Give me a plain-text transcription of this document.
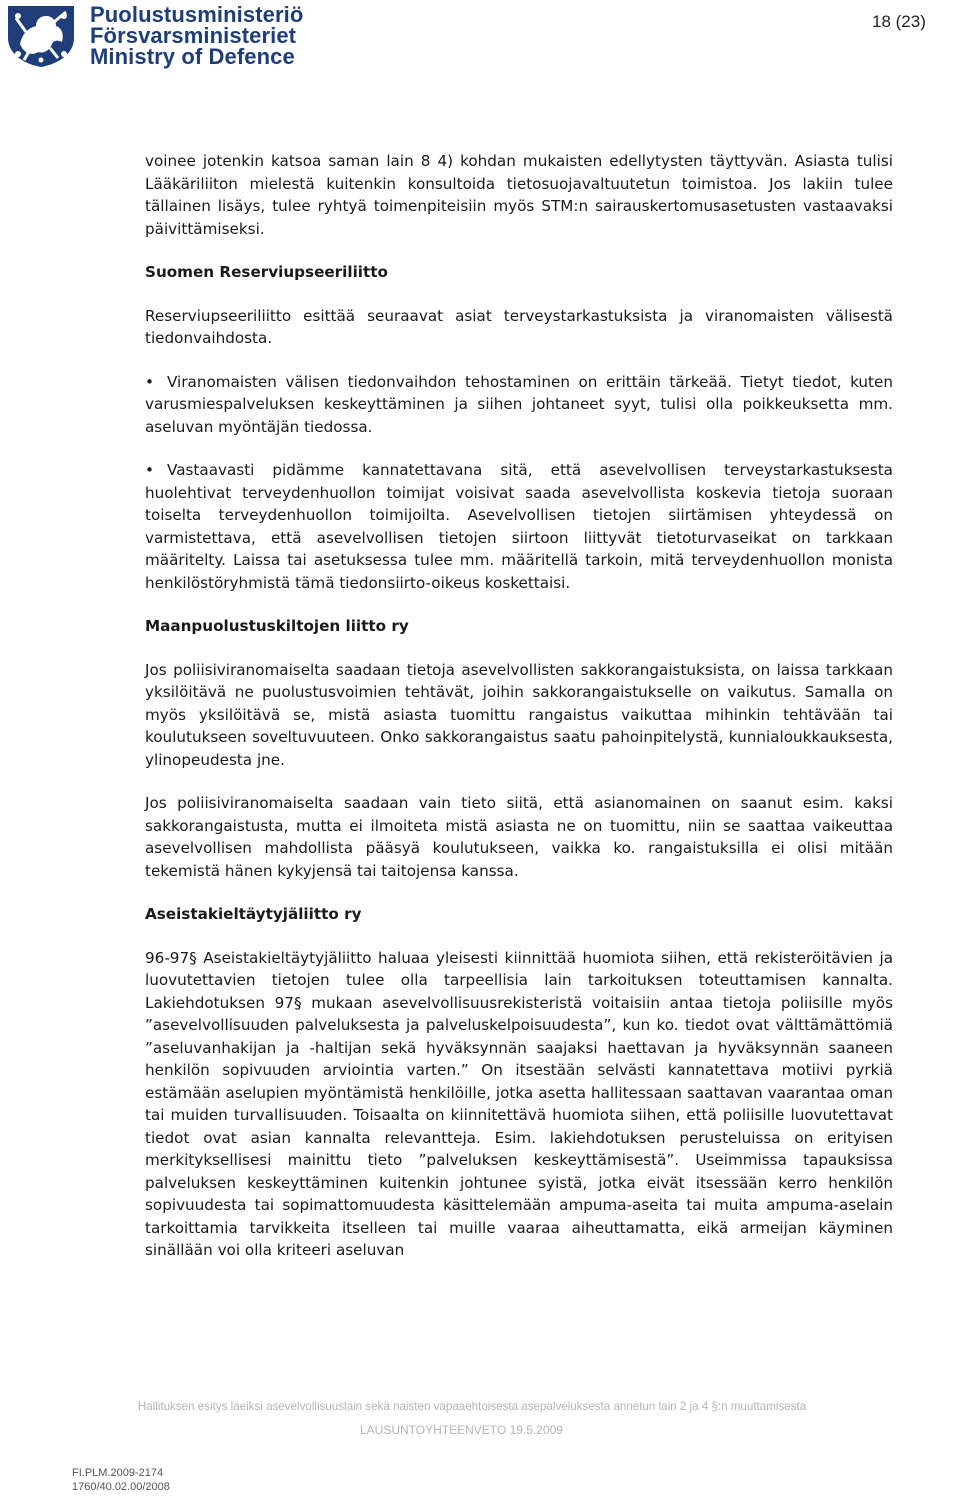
Puolustusministeriö
Försvarsministeriet
Ministry of Defence
18 (23)

voinee jotenkin katsoa saman lain 8 4) kohdan mukaisten edellytysten täyttyvän. Asiasta tulisi Lääkäriliiton mielestä kuitenkin konsultoida tietosuojavaltuutetun toimistoa. Jos lakiin tulee tällainen lisäys, tulee ryhtyä toimenpiteisiin myös STM:n sairauskertomusasetusten vastaavaksi päivittämiseksi.

Suomen Reserviupseeriliitto

Reserviupseeriliitto esittää seuraavat asiat terveystarkastuksista ja viranomaisten välisestä tiedonvaihdosta.

• Viranomaisten välisen tiedonvaihdon tehostaminen on erittäin tärkeää. Tietyt tiedot, kuten varusmiespalveluksen keskeyttäminen ja siihen johtaneet syyt, tulisi olla poikkeuksetta mm. aseluvan myöntäjän tiedossa.

• Vastaavasti pidämme kannatettavana sitä, että asevelvollisen terveystarkastuksesta huolehtivat terveydenhuollon toimijat voisivat saada asevelvollista koskevia tietoja suoraan toiselta terveydenhuollon toimijoilta. Asevelvollisen tietojen siirtämisen yhteydessä on varmistettava, että asevelvollisen tietojen siirtoon liittyvät tietoturvaseikat on tarkkaan määritelty. Laissa tai asetuksessa tulee mm. määritellä tarkoin, mitä terveydenhuollon monista henkilöstöryhmistä tämä tiedonsiirto-oikeus koskettaisi.

Maanpuolustuskiltojen liitto ry

Jos poliisiviranomaiselta saadaan tietoja asevelvollisten sakkorangaistuksista, on laissa tarkkaan yksilöitävä ne puolustusvoimien tehtävät, joihin sakkorangaistukselle on vaikutus. Samalla on myös yksilöitävä se, mistä asiasta tuomittu rangaistus vaikuttaa mihinkin tehtävään tai koulutukseen soveltuvuuteen. Onko sakkorangaistus saatu pahoinpitelystä, kunnialoukkauksesta, ylinopeudesta jne.

Jos poliisiviranomaiselta saadaan vain tieto siitä, että asianomainen on saanut esim. kaksi sakkorangaistusta, mutta ei ilmoiteta mistä asiasta ne on tuomittu, niin se saattaa vaikeuttaa asevelvollisen mahdollista pääsyä koulutukseen, vaikka ko. rangaistuksilla ei olisi mitään tekemistä hänen kykyjensä tai taitojensa kanssa.

Aseistakieltäytyjäliitto ry

96-97§ Aseistakieltäytyjäliitto haluaa yleisesti kiinnittää huomiota siihen, että rekisteröitävien ja luovutettavien tietojen tulee olla tarpeellisia lain tarkoituksen toteuttamisen kannalta. Lakiehdotuksen 97§ mukaan asevelvollisuusrekisteristä voitaisiin antaa tietoja poliisille myös ”asevelvollisuuden palveluksesta ja palveluskelpoisuudesta”, kun ko. tiedot ovat välttämättömiä ”aseluvanhakijan ja -haltijan sekä hyväksynnän saajaksi haettavan ja hyväksynnän saaneen henkilön sopivuuden arviointia varten.” On itsestään selvästi kannatettava motiivi pyrkiä estämään aselupien myöntämistä henkilöille, jotka asetta hallitessaan saattavan vaarantaa oman tai muiden turvallisuuden. Toisaalta on kiinnitettävä huomiota siihen, että poliisille luovutettavat tiedot ovat asian kannalta relevantteja. Esim. lakiehdotuksen perusteluissa on erityisen merkityksellisesi mainittu tieto ”palveluksen keskeyttämisestä”. Useimmissa tapauksissa palveluksen keskeyttäminen kuitenkin johtunee syistä, jotka eivät itsessään kerro henkilön sopivuudesta tai sopimattomuudesta käsittelemään ampuma-aseita tai muita ampuma-aselain tarkoittamia tarvikkeita itselleen tai muille vaaraa aiheuttamatta, eikä armeijan käyminen sinällään voi olla kriteeri aseluvan

Hallituksen esitys laeiksi asevelvollisuuslain sekä naisten vapaaehtoisesta asepalveluksesta annetun lain 2 ja 4 §:n muuttamisesta
LAUSUNTOYHTEENVETO 19.5.2009
FI.PLM.2009-2174
1760/40.02.00/2008
